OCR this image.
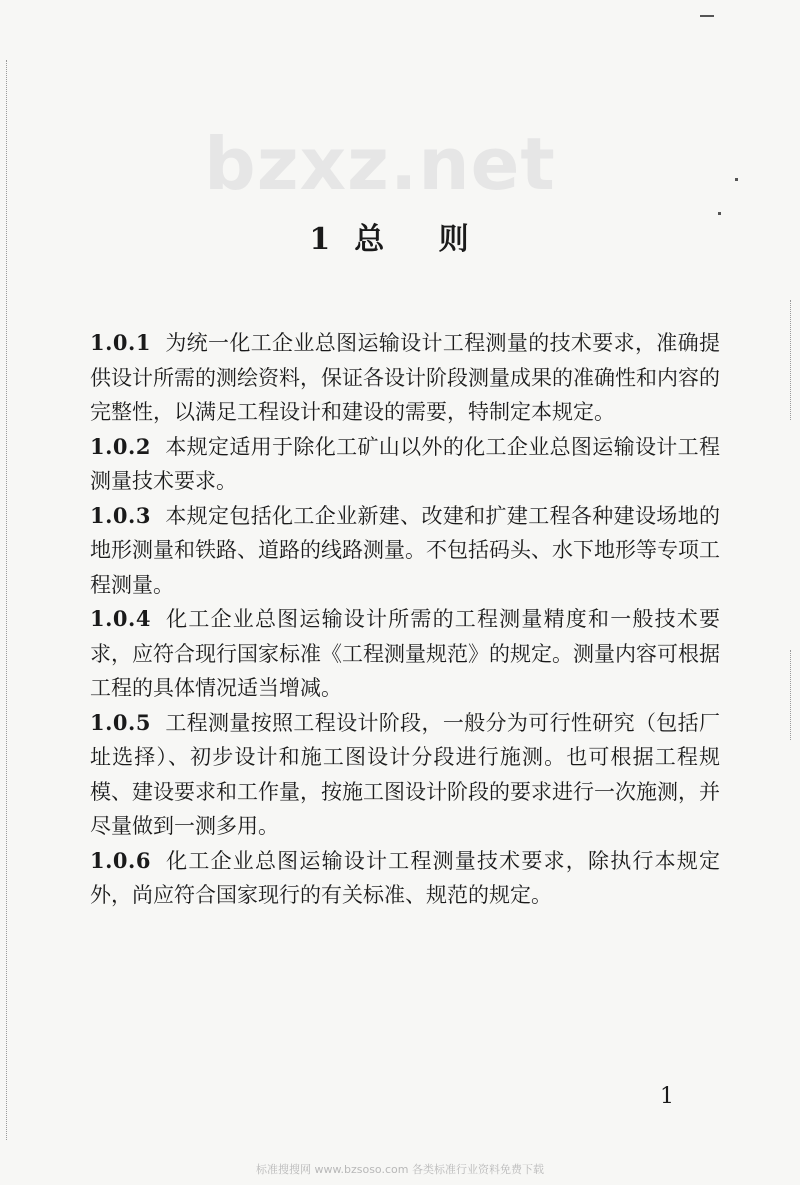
bzxz.net
1 总 则

1.0.1 为统一化工企业总图运输设计工程测量的技术要求，准确提供设计所需的测绘资料，保证各设计阶段测量成果的准确性和内容的完整性，以满足工程设计和建设的需要，特制定本规定。

1.0.2 本规定适用于除化工矿山以外的化工企业总图运输设计工程测量技术要求。

1.0.3 本规定包括化工企业新建、改建和扩建工程各种建设场地的地形测量和铁路、道路的线路测量。不包括码头、水下地形等专项工程测量。

1.0.4 化工企业总图运输设计所需的工程测量精度和一般技术要求，应符合现行国家标准《工程测量规范》的规定。测量内容可根据工程的具体情况适当增减。

1.0.5 工程测量按照工程设计阶段，一般分为可行性研究（包括厂址选择）、初步设计和施工图设计分段进行施测。也可根据工程规模、建设要求和工作量，按施工图设计阶段的要求进行一次施测，并尽量做到一测多用。

1.0.6 化工企业总图运输设计工程测量技术要求，除执行本规定外，尚应符合国家现行的有关标准、规范的规定。

1
标准搜搜网 www.bzsoso.com 各类标准行业资料免费下载
